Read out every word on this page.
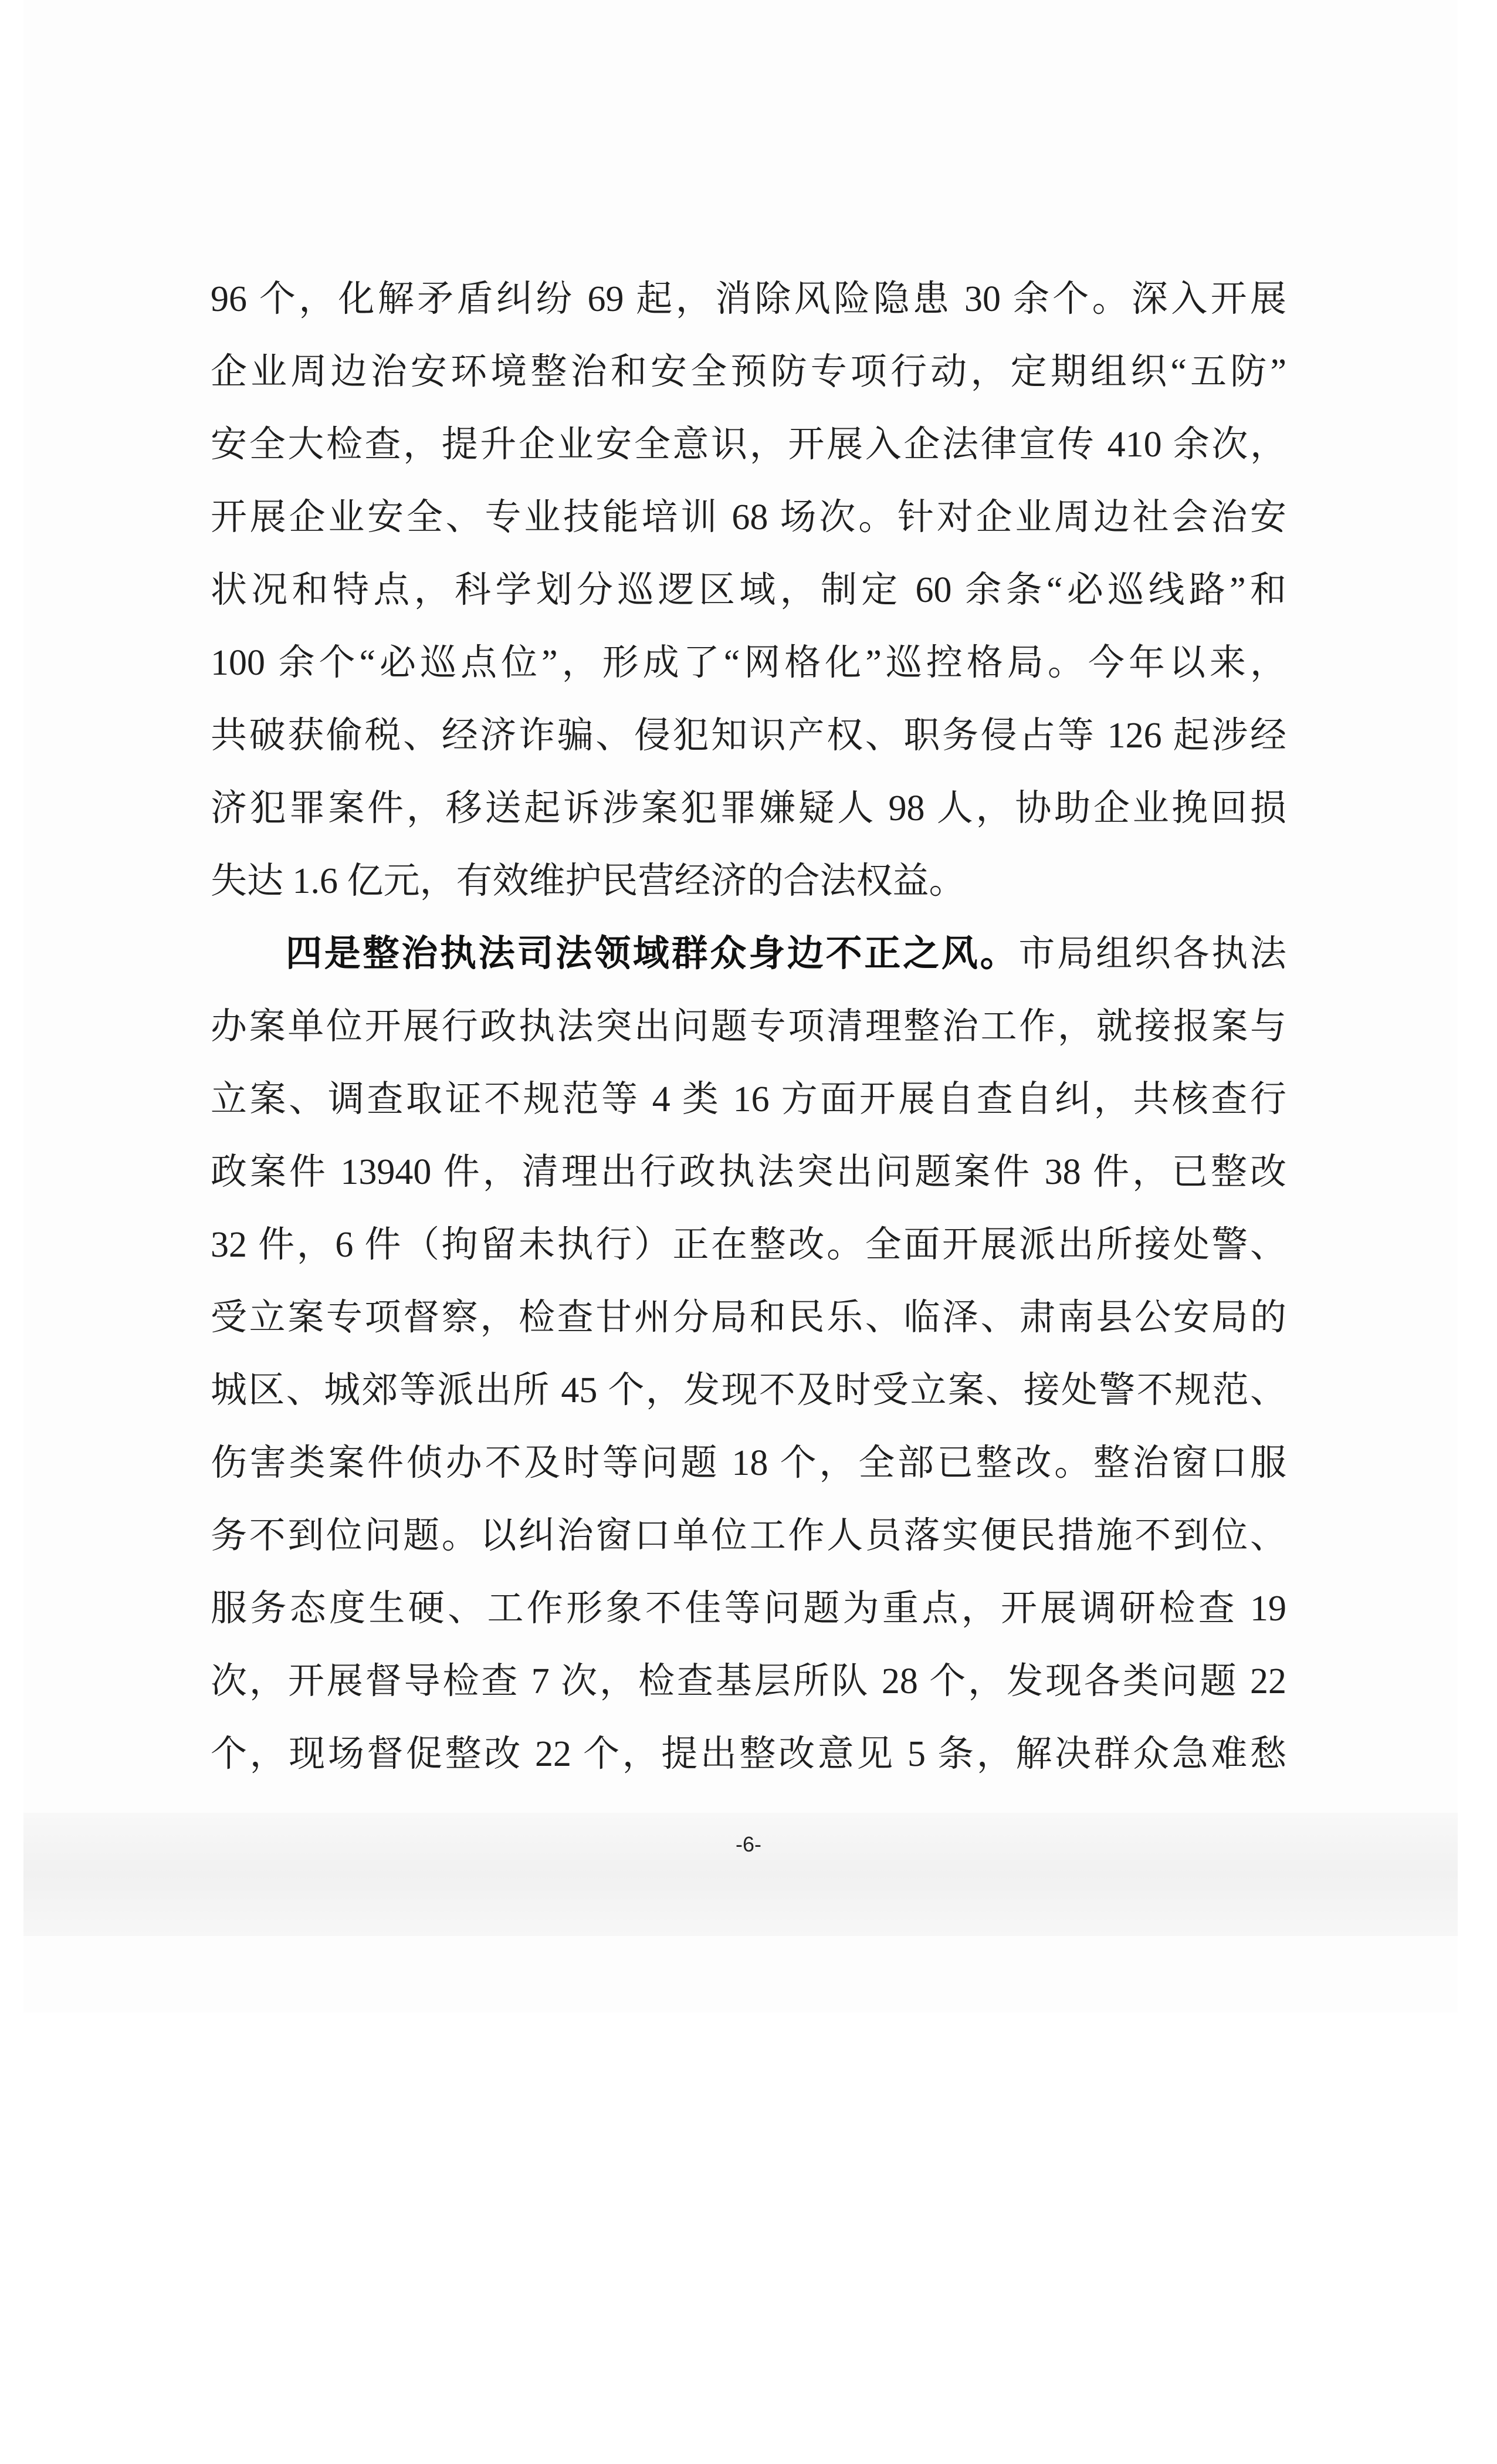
96 个，化解矛盾纠纷 69 起，消除风险隐患 30 余个。深入开展
企业周边治安环境整治和安全预防专项行动，定期组织“五防”
安全大检查，提升企业安全意识，开展入企法律宣传 410 余次，
开展企业安全、专业技能培训 68 场次。针对企业周边社会治安
状况和特点，科学划分巡逻区域，制定 60 余条“必巡线路”和
100 余个“必巡点位”，形成了“网格化”巡控格局。今年以来，
共破获偷税、经济诈骗、侵犯知识产权、职务侵占等 126 起涉经
济犯罪案件，移送起诉涉案犯罪嫌疑人 98 人，协助企业挽回损
失达 1.6 亿元，有效维护民营经济的合法权益。
四是整治执法司法领域群众身边不正之风。市局组织各执法
办案单位开展行政执法突出问题专项清理整治工作，就接报案与
立案、调查取证不规范等 4 类 16 方面开展自查自纠，共核查行
政案件 13940 件，清理出行政执法突出问题案件 38 件，已整改
32 件，6 件（拘留未执行）正在整改。全面开展派出所接处警、
受立案专项督察，检查甘州分局和民乐、临泽、肃南县公安局的
城区、城郊等派出所 45 个，发现不及时受立案、接处警不规范、
伤害类案件侦办不及时等问题 18 个，全部已整改。整治窗口服
务不到位问题。以纠治窗口单位工作人员落实便民措施不到位、
服务态度生硬、工作形象不佳等问题为重点，开展调研检查 19
次，开展督导检查 7 次，检查基层所队 28 个，发现各类问题 22
个，现场督促整改 22 个，提出整改意见 5 条，解决群众急难愁
-6-
